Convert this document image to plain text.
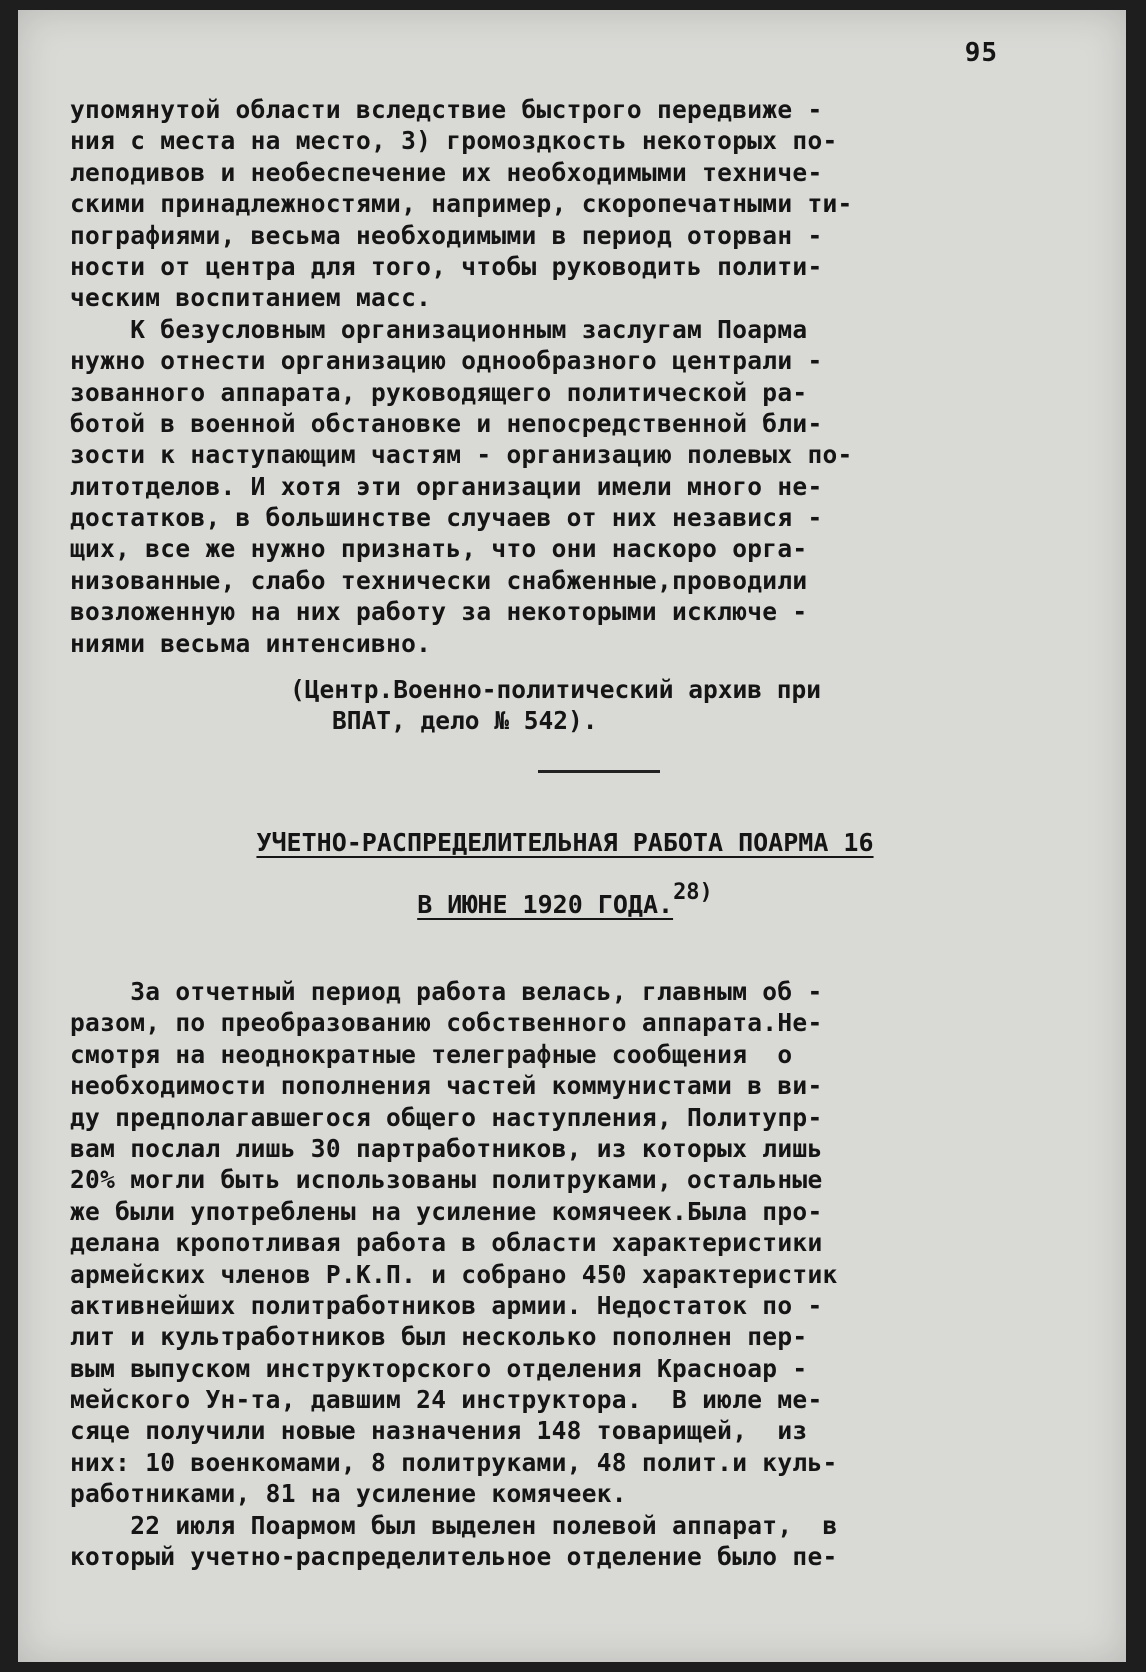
95
упомянутой области вследствие быстрого передвиже -
ния с места на место, 3) громоздкость некоторых по-
леподивов и необеспечение их необходимыми техниче-
скими принадлежностями, например, скоропечатными ти-
пографиями, весьма необходимыми в период оторван -
ности от центра для того, чтобы руководить полити-
ческим воспитанием масс.
К безусловным организационным заслугам Поарма
нужно отнести организацию однообразного централи -
зованного аппарата, руководящего политической ра-
ботой в военной обстановке и непосредственной бли-
зости к наступающим частям - организацию полевых по-
литотделов. И хотя эти организации имели много не-
достатков, в большинстве случаев от них независя -
щих, все же нужно признать, что они наскоро орга-
низованные, слабо технически снабженные,проводили
возложенную на них работу за некоторыми исключе -
ниями весьма интенсивно.
(Центр.Военно-политический архив при
ВПАТ, дело № 542).
УЧЕТНО-РАСПРЕДЕЛИТЕЛЬНАЯ РАБОТА ПОАРМА 16
В ИЮНЕ 1920 ГОДА.28)
За отчетный период работа велась, главным об -
разом, по преобразованию собственного аппарата.Не-
смотря на неоднократные телеграфные сообщения  о
необходимости пополнения частей коммунистами в ви-
ду предполагавшегося общего наступления, Политупр-
вам послал лишь 30 партработников, из которых лишь
20% могли быть использованы политруками, остальные
же были употреблены на усиление комячеек.Была про-
делана кропотливая работа в области характеристики
армейских членов Р.К.П. и собрано 450 характеристик
активнейших политработников армии. Недостаток по -
лит и культработников был несколько пополнен пер-
вым выпуском инструкторского отделения Краснoар -
мейского Ун-та, давшим 24 инструктора.  В июле ме-
сяце получили новые назначения 148 товарищей,  из
них: 10 военкомами, 8 политруками, 48 полит.и куль-
работниками, 81 на усиление комячеек.
22 июля Поармом был выделен полевой аппарат,  в
который учетно-распределительное отделение было пе-
